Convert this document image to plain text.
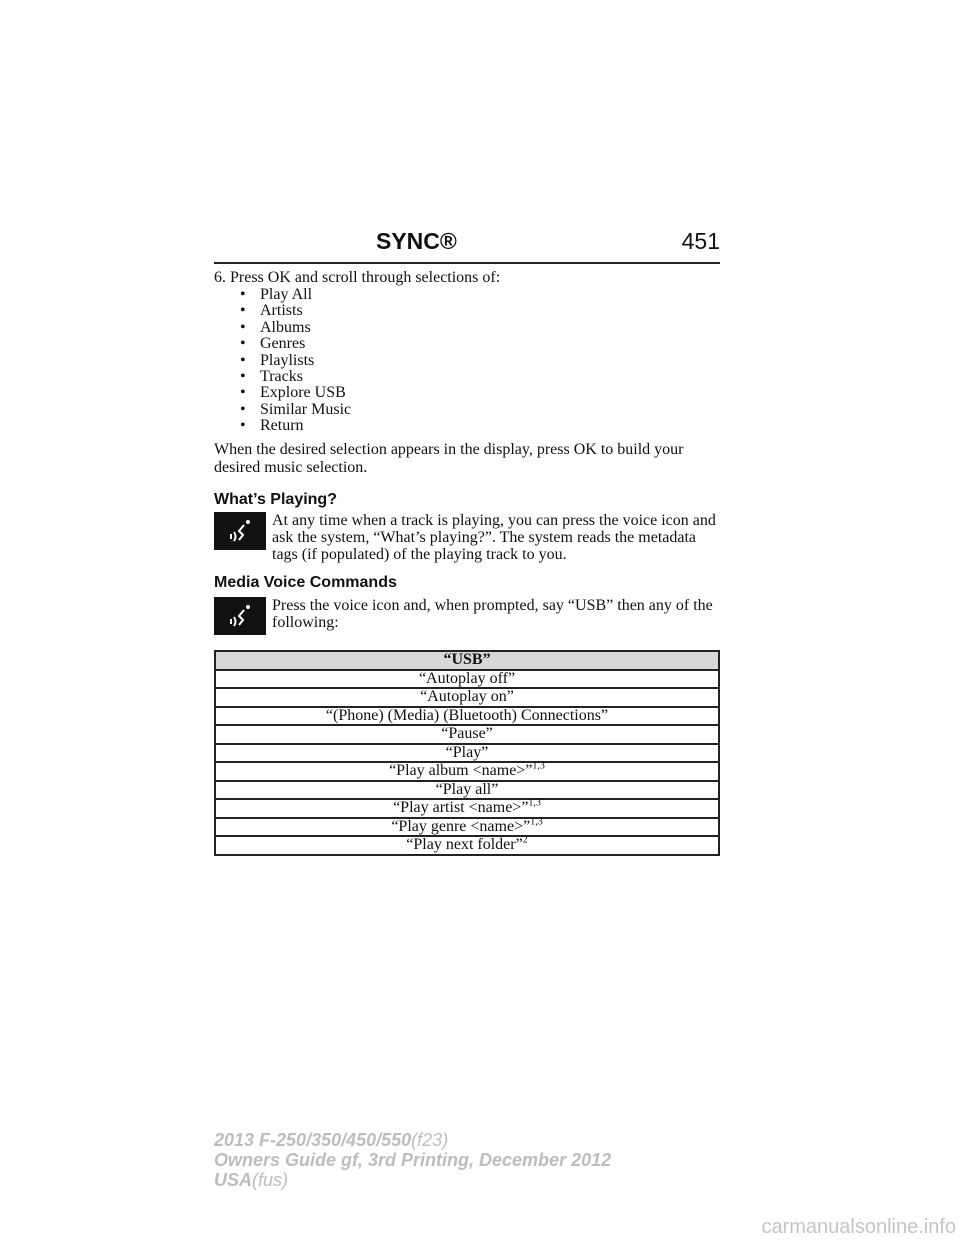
SYNC®	451
6. Press OK and scroll through selections of:
• Play All
• Artists
• Albums
• Genres
• Playlists
• Tracks
• Explore USB
• Similar Music
• Return

When the desired selection appears in the display, press OK to build your desired music selection.

What’s Playing?

At any time when a track is playing, you can press the voice icon and ask the system, “What’s playing?”. The system reads the metadata tags (if populated) of the playing track to you.

Media Voice Commands

Press the voice icon and, when prompted, say “USB” then any of the following:

“USB”
“Autoplay off”
“Autoplay on”
“(Phone) (Media) (Bluetooth) Connections”
“Pause”
“Play”
“Play album <name>”$^{1,3}$
“Play all”
“Play artist <name>”$^{1,3}$
“Play genre <name>”$^{1,3}$
“Play next folder”$^2$
2013 F-250/350/450/550(f23)
Owners Guide gf, 3rd Printing, December 2012
USA(fus)
carmanualsonline.info
